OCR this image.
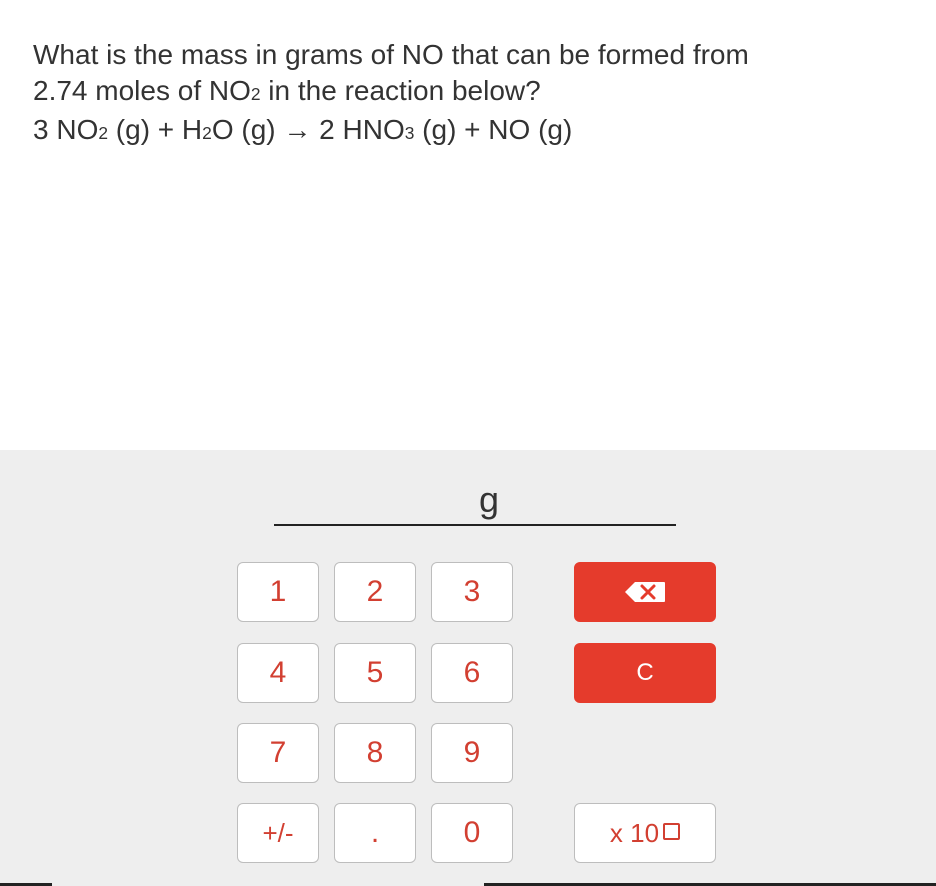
What is the mass in grams of NO that can be formed from
2.74 moles of NO2 in the reaction below?
3 NO2 (g) + H2O (g) → 2 HNO3 (g) + NO (g)
g
1	2	3
4	5	6	C
7	8	9
+/-	.	0	x 10
